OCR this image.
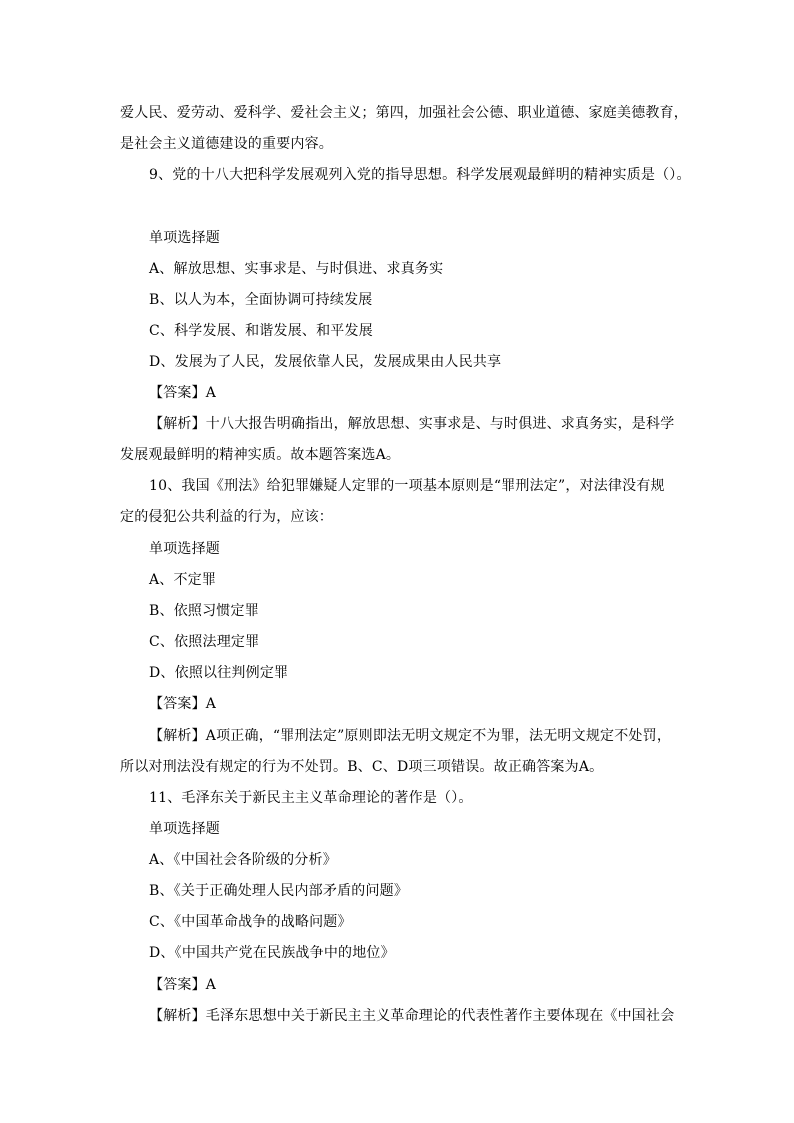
爱人民、爱劳动、爱科学、爱社会主义；第四，加强社会公德、职业道德、家庭美德教育，
是社会主义道德建设的重要内容。
9、党的十八大把科学发展观列入党的指导思想。科学发展观最鲜明的精神实质是（）。
单项选择题
A、解放思想、实事求是、与时俱进、求真务实
B、以人为本，全面协调可持续发展
C、科学发展、和谐发展、和平发展
D、发展为了人民，发展依靠人民，发展成果由人民共享
【答案】A
【解析】十八大报告明确指出，解放思想、实事求是、与时俱进、求真务实，是科学
发展观最鲜明的精神实质。故本题答案选A。
10、我国《刑法》给犯罪嫌疑人定罪的一项基本原则是“罪刑法定”，对法律没有规
定的侵犯公共利益的行为，应该：
单项选择题
A、不定罪
B、依照习惯定罪
C、依照法理定罪
D、依照以往判例定罪
【答案】A
【解析】A项正确，“罪刑法定”原则即法无明文规定不为罪，法无明文规定不处罚，
所以对刑法没有规定的行为不处罚。B、C、D项三项错误。故正确答案为A。
11、毛泽东关于新民主主义革命理论的著作是（）。
单项选择题
A、《中国社会各阶级的分析》
B、《关于正确处理人民内部矛盾的问题》
C、《中国革命战争的战略问题》
D、《中国共产党在民族战争中的地位》
【答案】A
【解析】毛泽东思想中关于新民主主义革命理论的代表性著作主要体现在《中国社会
